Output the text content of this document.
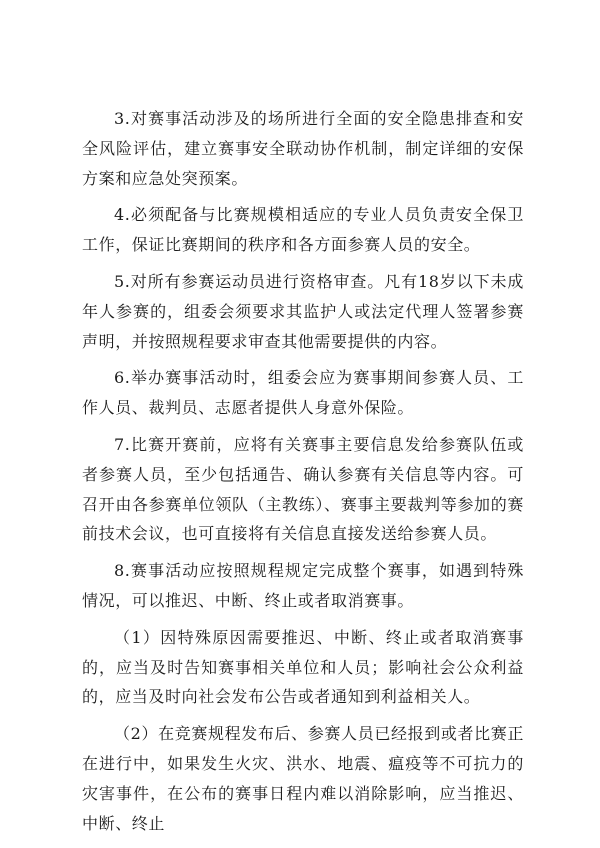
3.对赛事活动涉及的场所进行全面的安全隐患排查和安全风险评估，建立赛事安全联动协作机制，制定详细的安保方案和应急处突预案。

4.必须配备与比赛规模相适应的专业人员负责安全保卫工作，保证比赛期间的秩序和各方面参赛人员的安全。

5.对所有参赛运动员进行资格审查。凡有18岁以下未成年人参赛的，组委会须要求其监护人或法定代理人签署参赛声明，并按照规程要求审查其他需要提供的内容。

6.举办赛事活动时，组委会应为赛事期间参赛人员、工作人员、裁判员、志愿者提供人身意外保险。

7.比赛开赛前，应将有关赛事主要信息发给参赛队伍或者参赛人员，至少包括通告、确认参赛有关信息等内容。可召开由各参赛单位领队（主教练）、赛事主要裁判等参加的赛前技术会议，也可直接将有关信息直接发送给参赛人员。

8.赛事活动应按照规程规定完成整个赛事，如遇到特殊情况，可以推迟、中断、终止或者取消赛事。

（1）因特殊原因需要推迟、中断、终止或者取消赛事的，应当及时告知赛事相关单位和人员；影响社会公众利益的，应当及时向社会发布公告或者通知到利益相关人。

（2）在竞赛规程发布后、参赛人员已经报到或者比赛正在进行中，如果发生火灾、洪水、地震、瘟疫等不可抗力的灾害事件，在公布的赛事日程内难以消除影响，应当推迟、中断、终止
